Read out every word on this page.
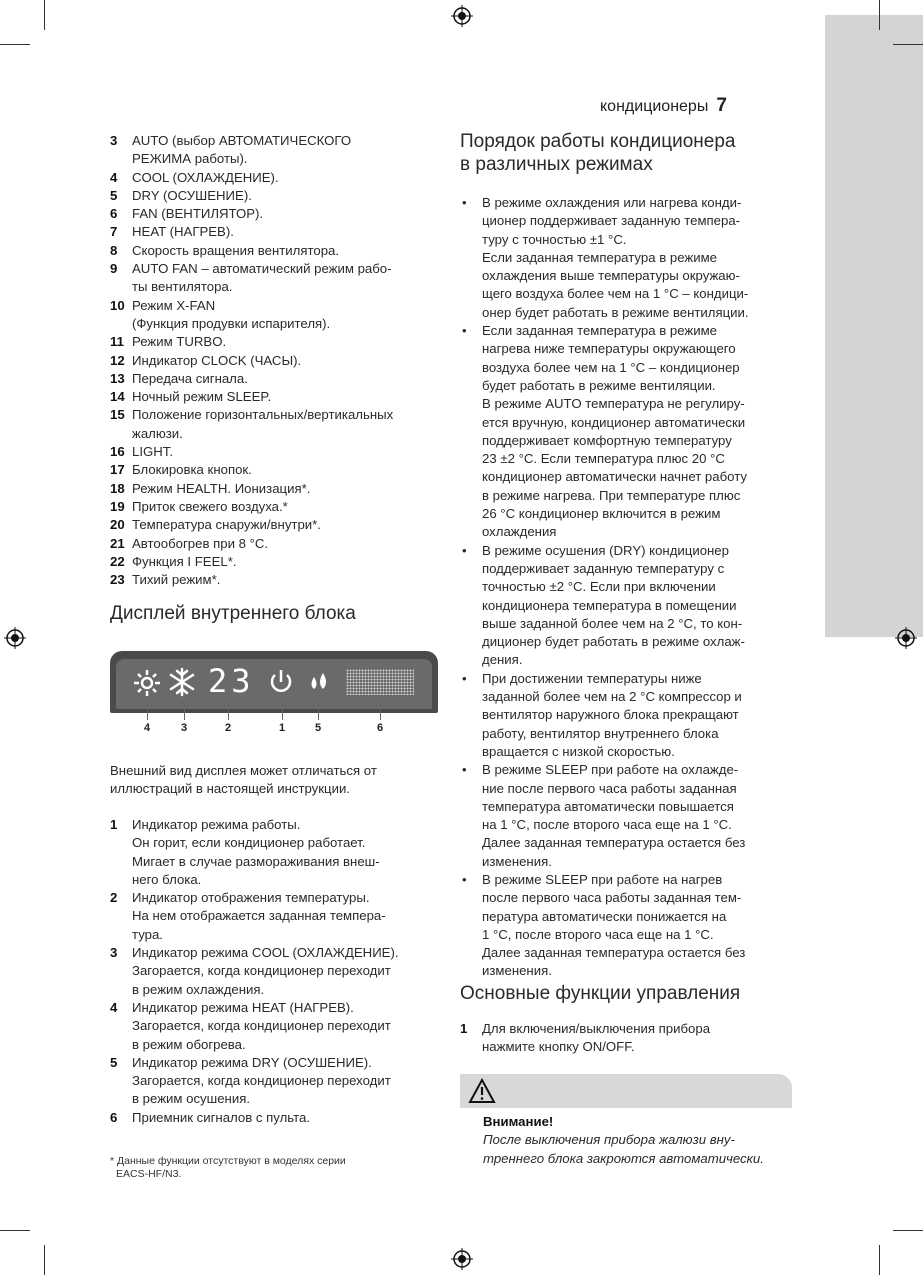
кондиционеры 7
3 AUTO (выбор АВТОМАТИЧЕСКОГО
РЕЖИМА работы).
4 COOL (ОХЛАЖДЕНИЕ).
5 DRY (ОСУШЕНИЕ).
6 FAN (ВЕНТИЛЯТОР).
7 HEAT (НАГРЕВ).
8 Скорость вращения вентилятора.
9 AUTO FAN – автоматический режим рабо-
ты вентилятора.
10 Режим X-FAN
(Функция продувки испарителя).
11 Режим TURBO.
12 Индикатор CLOCK (ЧАСЫ).
13 Передача сигнала.
14 Ночный режим SLEEP.
15 Положение горизонтальных/вертикальных
жалюзи.
16 LIGHT.
17 Блокировка кнопок.
18 Режим HEALTH. Ионизация*.
19 Приток свежего воздуха.*
20 Температура снаружи/внутри*.
21 Автообогрев при 8 °С.
22 Функция I FEEL*.
23 Тихий режим*.
Дисплей внутреннего блока
23
4	3	2	1	5	6
Внешний вид дисплея может отличаться от
иллюстраций в настоящей инструкции.
1 Индикатор режима работы.
Он горит, если кондиционер работает.
Мигает в случае размораживания внеш-
него блока.
2 Индикатор отображения температуры.
На нем отображается заданная темпера-
тура.
3 Индикатор режима COOL (ОХЛАЖДЕНИЕ).
Загорается, когда кондиционер переходит
в режим охлаждения.
4 Индикатор режима HEAT (НАГРЕВ).
Загорается, когда кондиционер переходит
в режим обогрева.
5 Индикатор режима DRY (ОСУШЕНИЕ).
Загорается, когда кондиционер переходит
в режим осушения.
6 Приемник сигналов с пульта.
* Данные функции отсутствуют в моделях серии
EACS-HF/N3.
Порядок работы кондиционера
в различных режимах
• В режиме охлаждения или нагрева конди-
ционер поддерживает заданную темпера-
туру с точностью ±1 °С.
Если заданная температура в режиме
охлаждения выше температуры окружаю-
щего воздуха более чем на 1 °С – кондици-
онер будет работать в режиме вентиляции.
• Если заданная температура в режиме
нагрева ниже температуры окружающего
воздуха более чем на 1 °С – кондиционер
будет работать в режиме вентиляции.
В режиме AUTO температура не регулиру-
ется вручную, кондиционер автоматически
поддерживает комфортную температуру
23 ±2 °С. Если температура плюс 20 °С
кондиционер автоматически начнет работу
в режиме нагрева. При температуре плюс
26 °С кондиционер включится в режим
охлаждения
• В режиме осушения (DRY) кондиционер
поддерживает заданную температуру с
точностью ±2 °С. Если при включении
кондиционера температура в помещении
выше заданной более чем на 2 °С, то кон-
диционер будет работать в режиме охлаж-
дения.
• При достижении температуры ниже
заданной более чем на 2 °С компрессор и
вентилятор наружного блока прекращают
работу, вентилятор внутреннего блока
вращается с низкой скоростью.
• В режиме SLEEP при работе на охлажде-
ние после первого часа работы заданная
температура автоматически повышается
на 1 °С, после второго часа еще на 1 °С.
Далее заданная температура остается без
изменения.
• В режиме SLEEP при работе на нагрев
после первого часа работы заданная тем-
пература автоматически понижается на
1 °С, после второго часа еще на 1 °С.
Далее заданная температура остается без
изменения.
Основные функции управления
1 Для включения/выключения прибора
нажмите кнопку ON/OFF.
Внимание!
После выключения прибора жалюзи вну-
треннего блока закроются автоматически.
